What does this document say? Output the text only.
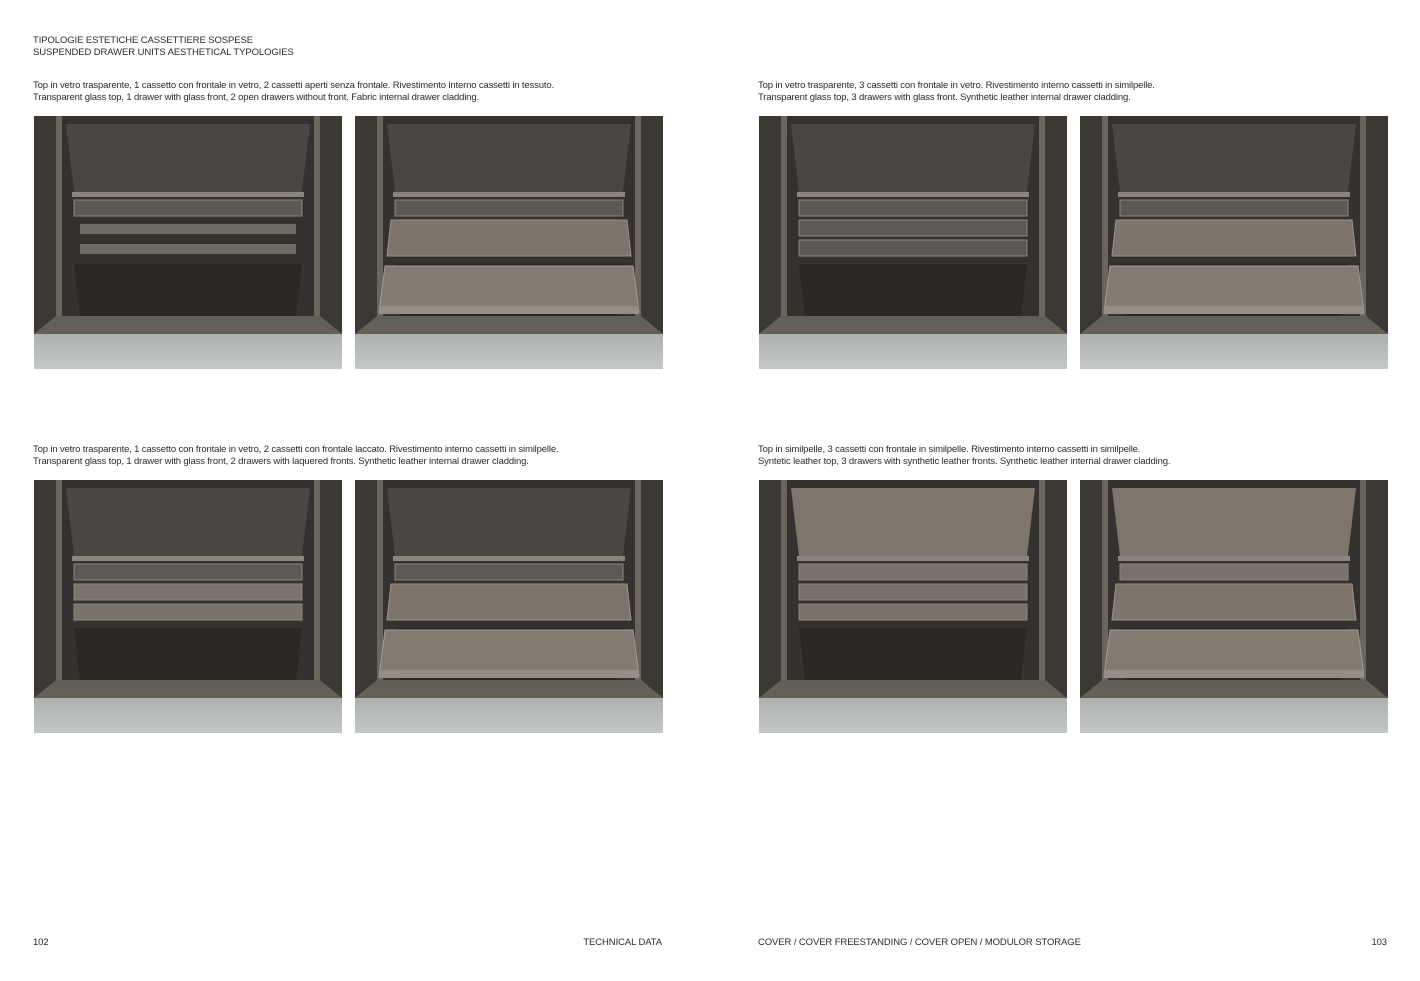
TIPOLOGIE ESTETICHE CASSETTIERE SOSPESE
SUSPENDED DRAWER UNITS AESTHETICAL TYPOLOGIES
Top in vetro trasparente, 1 cassetto con frontale in vetro, 2 cassetti aperti senza frontale. Rivestimento interno cassetti in tessuto.
Transparent glass top, 1 drawer with glass front, 2 open drawers without front. Fabric internal drawer cladding.
Top in vetro trasparente, 3 cassetti con frontale in vetro. Rivestimento interno cassetti in similpelle.
Transparent glass top, 3 drawers with glass front. Synthetic leather internal drawer cladding.
Top in vetro trasparente, 1 cassetto con frontale in vetro, 2 cassetti con frontale laccato. Rivestimento interno cassetti in similpelle.
Transparent glass top, 1 drawer with glass front, 2 drawers with laquered fronts. Synthetic leather internal drawer cladding.
Top in similpelle, 3 cassetti con frontale in similpelle. Rivestimento interno cassetti in similpelle.
Syntetic leather top, 3 drawers with synthetic leather fronts. Synthetic leather internal drawer cladding.
102	TECHNICAL DATA	COVER / COVER FREESTANDING / COVER OPEN / MODULOR STORAGE	103
